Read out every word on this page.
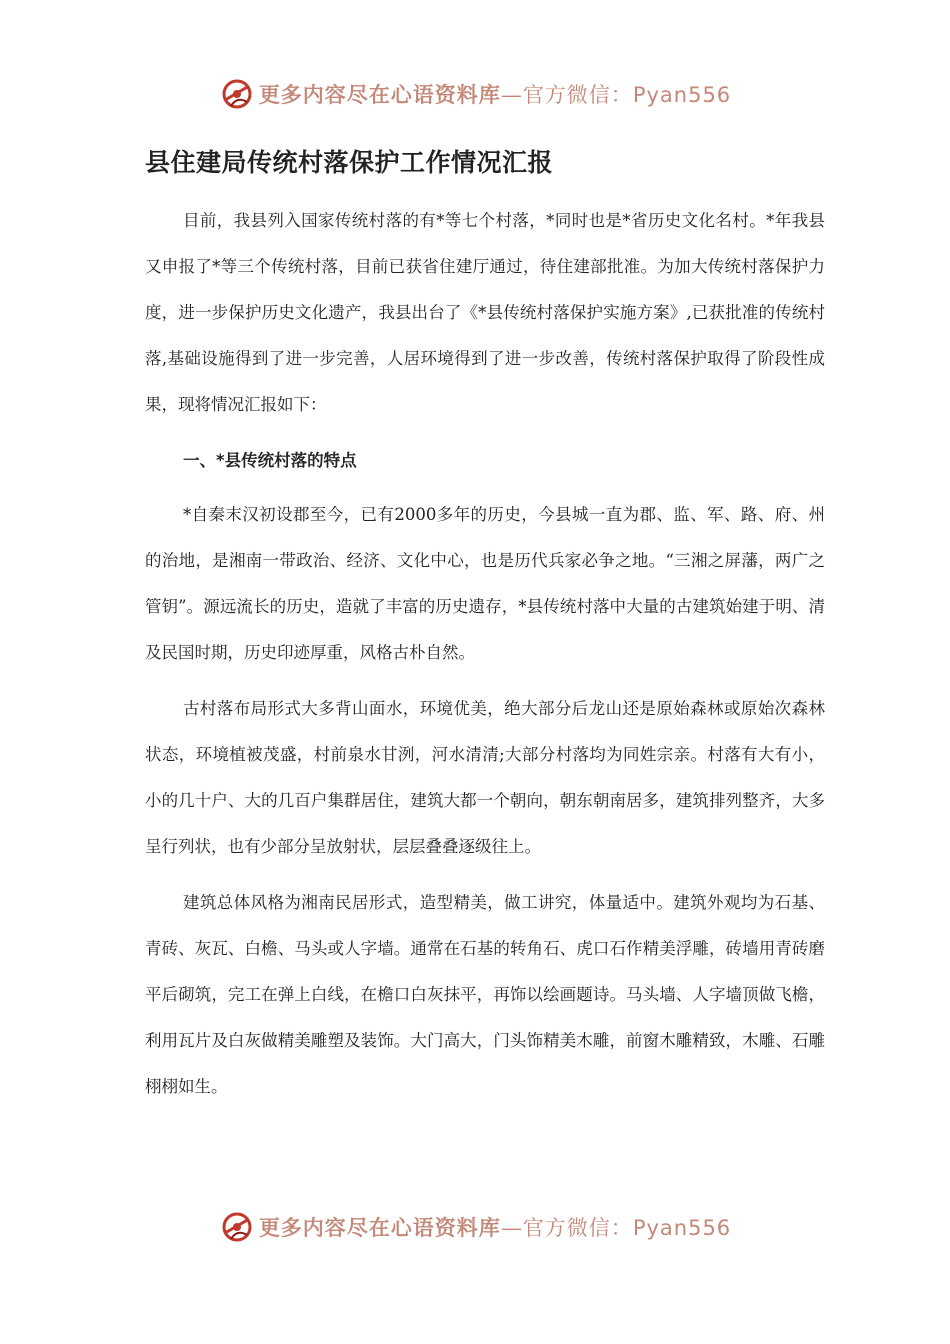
更多内容尽在心语资料库—官方微信：Pyan556
县住建局传统村落保护工作情况汇报

目前，我县列入国家传统村落的有*等七个村落，*同时也是*省历史文化名村。*年我县又申报了*等三个传统村落，目前已获省住建厅通过，待住建部批准。为加大传统村落保护力度，进一步保护历史文化遗产，我县出台了《*县传统村落保护实施方案》,已获批准的传统村落,基础设施得到了进一步完善，人居环境得到了进一步改善，传统村落保护取得了阶段性成果，现将情况汇报如下：

一、*县传统村落的特点

*自秦末汉初设郡至今，已有2000多年的历史，今县城一直为郡、监、军、路、府、州的治地，是湘南一带政治、经济、文化中心，也是历代兵家必争之地。“三湘之屏藩，两广之管钥”。源远流长的历史，造就了丰富的历史遗存，*县传统村落中大量的古建筑始建于明、清及民国时期，历史印迹厚重，风格古朴自然。

古村落布局形式大多背山面水，环境优美，绝大部分后龙山还是原始森林或原始次森林状态，环境植被茂盛，村前泉水甘洌，河水清清;大部分村落均为同姓宗亲。村落有大有小，小的几十户、大的几百户集群居住，建筑大都一个朝向，朝东朝南居多，建筑排列整齐，大多呈行列状，也有少部分呈放射状，层层叠叠逐级往上。

建筑总体风格为湘南民居形式，造型精美，做工讲究，体量适中。建筑外观均为石基、青砖、灰瓦、白檐、马头或人字墙。通常在石基的转角石、虎口石作精美浮雕，砖墙用青砖磨平后砌筑，完工在弹上白线，在檐口白灰抹平，再饰以绘画题诗。马头墙、人字墙顶做飞檐，利用瓦片及白灰做精美雕塑及装饰。大门高大，门头饰精美木雕，前窗木雕精致，木雕、石雕栩栩如生。

更多内容尽在心语资料库—官方微信：Pyan556
